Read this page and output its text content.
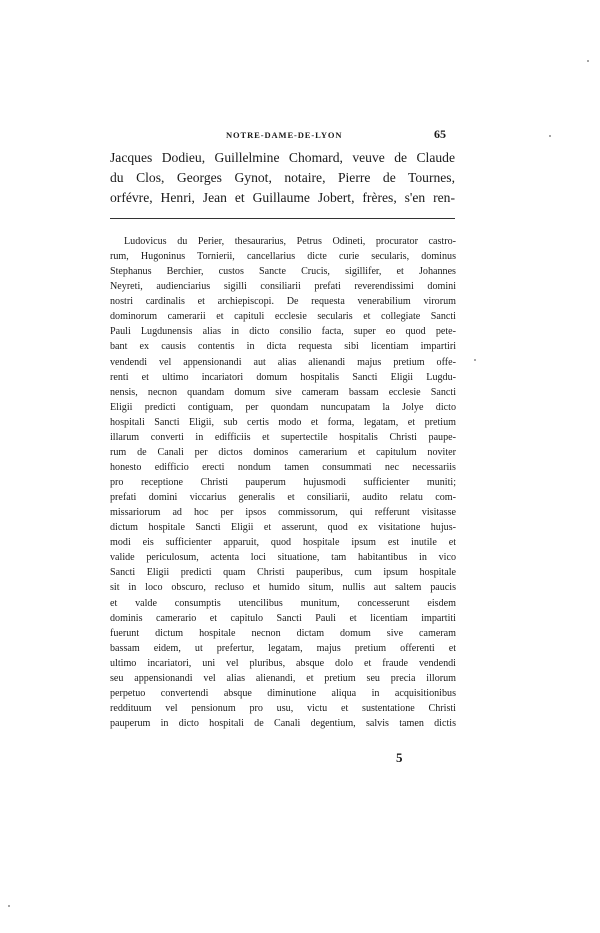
NOTRE-DAME-DE-LYON	65
Jacques Dodieu, Guillelmine Chomard, veuve de Claude
du Clos, Georges Gynot, notaire, Pierre de Tournes,
orfévre, Henri, Jean et Guillaume Jobert, frères, s'en ren-
Ludovicus du Perier, thesaurarius, Petrus Odineti, procurator castro-
rum, Hugoninus Tornierii, cancellarius dicte curie secularis, dominus
Stephanus Berchier, custos Sancte Crucis, sigillifer, et Johannes
Neyreti, audienciarius sigilli consiliarii prefati reverendissimi domini
nostri cardinalis et archiepiscopi. De requesta venerabilium virorum
dominorum camerarii et capituli ecclesie secularis et collegiate Sancti
Pauli Lugdunensis alias in dicto consilio facta, super eo quod pete-
bant ex causis contentis in dicta requesta sibi licentiam impartiri
vendendi vel appensionandi aut alias alienandi majus pretium offe-
renti et ultimo incariatori domum hospitalis Sancti Eligii Lugdu-
nensis, necnon quandam domum sive cameram bassam ecclesie Sancti
Eligii predicti contiguam, per quondam nuncupatam la Jolye dicto
hospitali Sancti Eligii, sub certis modo et forma, legatam, et pretium
illarum converti in edifficiis et supertectile hospitalis Christi paupe-
rum de Canali per dictos dominos camerarium et capitulum noviter
honesto edifficio erecti nondum tamen consummati nec necessariis
pro receptione Christi pauperum hujusmodi sufficienter muniti;
prefati domini viccarius generalis et consiliarii, audito relatu com-
missariorum ad hoc per ipsos commissorum, qui refferunt visitasse
dictum hospitale Sancti Eligii et asserunt, quod ex visitatione hujus-
modi eis sufficienter apparuit, quod hospitale ipsum est inutile et
valide periculosum, actenta loci situatione, tam habitantibus in vico
Sancti Eligii predicti quam Christi pauperibus, cum ipsum hospitale
sit in loco obscuro, recluso et humido situm, nullis aut saltem paucis
et valde consumptis utencilibus munitum, concesserunt eisdem
dominis camerario et capitulo Sancti Pauli et licentiam impartiti
fuerunt dictum hospitale necnon dictam domum sive cameram
bassam eidem, ut prefertur, legatam, majus pretium offerenti et
ultimo incariatori, uni vel pluribus, absque dolo et fraude vendendi
seu appensionandi vel alias alienandi, et pretium seu precia illorum
perpetuo convertendi absque diminutione aliqua in acquisitionibus
reddituum vel pensionum pro usu, victu et sustentatione Christi
pauperum in dicto hospitali de Canali degentium, salvis tamen dictis
5
